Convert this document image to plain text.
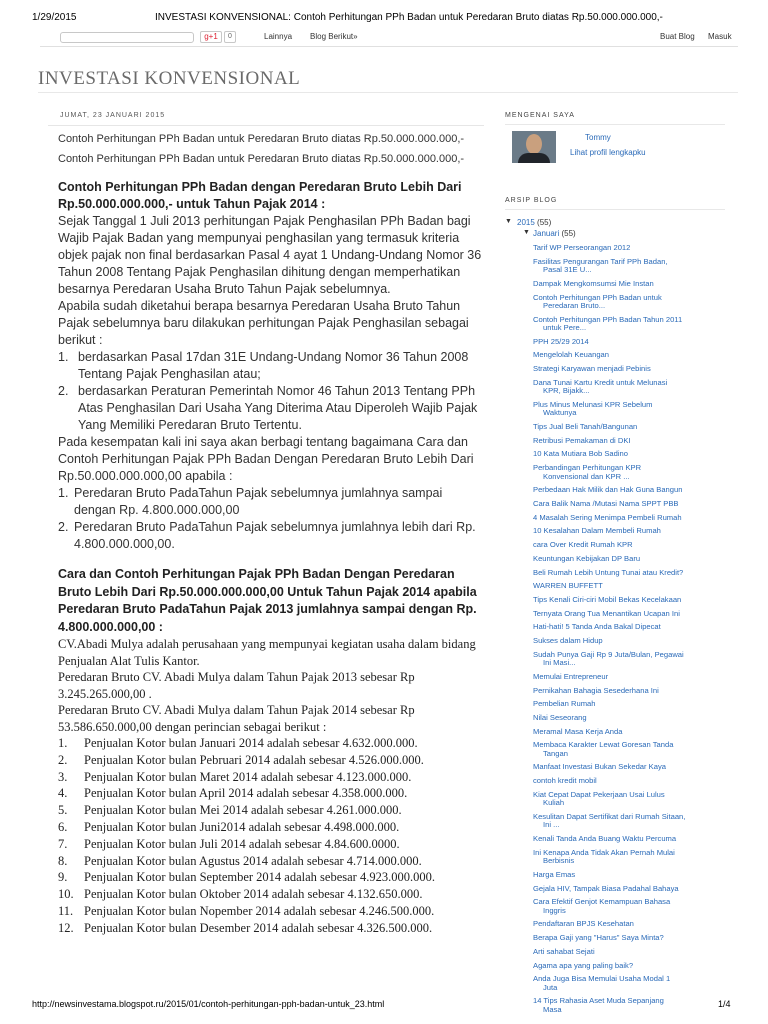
1/29/2015	INVESTASI KONVENSIONAL: Contoh Perhitungan PPh Badan untuk Peredaran Bruto diatas Rp.50.000.000.000,-
g+1	0	Lainnya Blog Berikut»	Buat Blog Masuk
INVESTASI KONVENSIONAL
JUMAT, 23 JANUARI 2015
Contoh Perhitungan PPh Badan untuk Peredaran Bruto diatas Rp.50.000.000.000,-
Contoh Perhitungan PPh Badan untuk Peredaran Bruto diatas Rp.50.000.000.000,-
Contoh Perhitungan PPh Badan dengan Peredaran Bruto Lebih Dari Rp.50.000.000.000,- untuk Tahun Pajak 2014 :
Sejak Tanggal 1 Juli 2013 perhitungan Pajak Penghasilan PPh Badan bagi Wajib Pajak Badan yang mempunyai penghasilan yang termasuk kriteria objek pajak non final berdasarkan Pasal 4 ayat 1 Undang-Undang Nomor 36 Tahun 2008 Tentang Pajak Penghasilan dihitung dengan memperhatikan besarnya Peredaran Usaha Bruto Tahun Pajak sebelumnya.
Apabila sudah diketahui berapa besarnya Peredaran Usaha Bruto Tahun Pajak sebelumnya baru dilakukan perhitungan Pajak Penghasilan sebagai berikut :
1. berdasarkan Pasal 17dan 31E Undang-Undang Nomor 36 Tahun 2008 Tentang Pajak Penghasilan atau;
2. berdasarkan Peraturan Pemerintah Nomor 46 Tahun 2013 Tentang PPh Atas Penghasilan Dari Usaha Yang Diterima Atau Diperoleh Wajib Pajak Yang Memiliki Peredaran Bruto Tertentu.
Pada kesempatan kali ini saya akan berbagi tentang bagaimana Cara dan Contoh Perhitungan Pajak PPh Badan Dengan Peredaran Bruto Lebih Dari Rp.50.000.000.000,00 apabila :
1. Peredaran Bruto PadaTahun Pajak sebelumnya jumlahnya sampai dengan Rp. 4.800.000.000,00
2. Peredaran Bruto PadaTahun Pajak sebelumnya jumlahnya lebih dari Rp. 4.800.000.000,00.
Cara dan Contoh Perhitungan Pajak PPh Badan Dengan Peredaran Bruto Lebih Dari Rp.50.000.000.000,00 Untuk Tahun Pajak 2014 apabila Peredaran Bruto PadaTahun Pajak 2013 jumlahnya sampai dengan Rp. 4.800.000.000,00 :
CV.Abadi Mulya adalah perusahaan yang mempunyai kegiatan usaha dalam bidang Penjualan Alat Tulis Kantor.
Peredaran Bruto CV. Abadi Mulya dalam Tahun Pajak 2013 sebesar Rp 3.245.265.000,00 .
Peredaran Bruto CV. Abadi Mulya dalam Tahun Pajak 2014 sebesar Rp 53.586.650.000,00 dengan perincian sebagai berikut :
1. Penjualan Kotor bulan Januari 2014 adalah sebesar 4.632.000.000.
2. Penjualan Kotor bulan Pebruari 2014 adalah sebesar 4.526.000.000.
3. Penjualan Kotor bulan Maret 2014 adalah sebesar 4.123.000.000.
4. Penjualan Kotor bulan April 2014 adalah sebesar 4.358.000.000.
5. Penjualan Kotor bulan Mei 2014 adalah sebesar 4.261.000.000.
6. Penjualan Kotor bulan Juni2014 adalah sebesar 4.498.000.000.
7. Penjualan Kotor bulan Juli 2014 adalah sebesar 4.84.600.0000.
8. Penjualan Kotor bulan Agustus 2014 adalah sebesar 4.714.000.000.
9. Penjualan Kotor bulan September 2014 adalah sebesar 4.923.000.000.
10. Penjualan Kotor bulan Oktober 2014 adalah sebesar 4.132.650.000.
11. Penjualan Kotor bulan Nopember 2014 adalah sebesar 4.246.500.000.
12. Penjualan Kotor bulan Desember 2014 adalah sebesar 4.326.500.000.
MENGENAI SAYA
Tommy
Lihat profil lengkapku
ARSIP BLOG
▼ 2015 (55)
▼ Januari (55)
Tarif WP Perseorangan 2012
Fasilitas Pengurangan Tarif PPh Badan,
Pasal 31E U...
Dampak Mengkomsumsi Mie Instan
Contoh Perhitungan PPh Badan untuk
Peredaran Bruto...
Contoh Perhitungan PPh Badan Tahun 2011
untuk Pere...
PPH 25/29 2014
Mengelolah Keuangan
Strategi Karyawan menjadi Pebinis
Dana Tunai Kartu Kredit untuk Melunasi
KPR, Bijakk...
Plus Minus Melunasi KPR Sebelum
Waktunya
Tips Jual Beli Tanah/Bangunan
Retribusi Pemakaman di DKI
10 Kata Mutiara Bob Sadino
Perbandingan Perhitungan KPR
Konvensional dan KPR ...
Perbedaan Hak Milik dan Hak Guna Bangun
Cara Balik Nama /Mutasi Nama SPPT PBB
4 Masalah Sering Menimpa Pembeli Rumah
10 Kesalahan Dalam Membeli Rumah
cara Over Kredit Rumah KPR
Keuntungan Kebijakan DP Baru
Beli Rumah Lebih Untung Tunai atau Kredit?
WARREN BUFFETT
Tips Kenali Ciri-ciri Mobil Bekas Kecelakaan
Ternyata Orang Tua Menantikan Ucapan Ini
Hati-hati! 5 Tanda Anda Bakal Dipecat
Sukses dalam Hidup
Sudah Punya Gaji Rp 9 Juta/Bulan, Pegawai
Ini Masi...
Memulai Entrepreneur
Pernikahan Bahagia Sesederhana Ini
Pembelian Rumah
Nilai Seseorang
Meramal Masa Kerja Anda
Membaca Karakter Lewat Goresan Tanda
Tangan
Manfaat Investasi Bukan Sekedar Kaya
contoh kredit mobil
Kiat Cepat Dapat Pekerjaan Usai Lulus
Kuliah
Kesulitan Dapat Sertifikat dari Rumah Sitaan,
Ini ...
Kenali Tanda Anda Buang Waktu Percuma
Ini Kenapa Anda Tidak Akan Pernah Mulai
Berbisnis
Harga Emas
Gejala HIV, Tampak Biasa Padahal Bahaya
Cara Efektif Genjot Kemampuan Bahasa
Inggris
Pendaftaran BPJS Kesehatan
Berapa Gaji yang "Harus" Saya Minta?
Arti sahabat Sejati
Agama apa yang paling baik?
Anda Juga Bisa Memulai Usaha Modal 1
Juta
14 Tips Rahasia Aset Muda Sepanjang
Masa
http://newsinvestama.blogspot.ru/2015/01/contoh-perhitungan-pph-badan-untuk_23.html	1/4
